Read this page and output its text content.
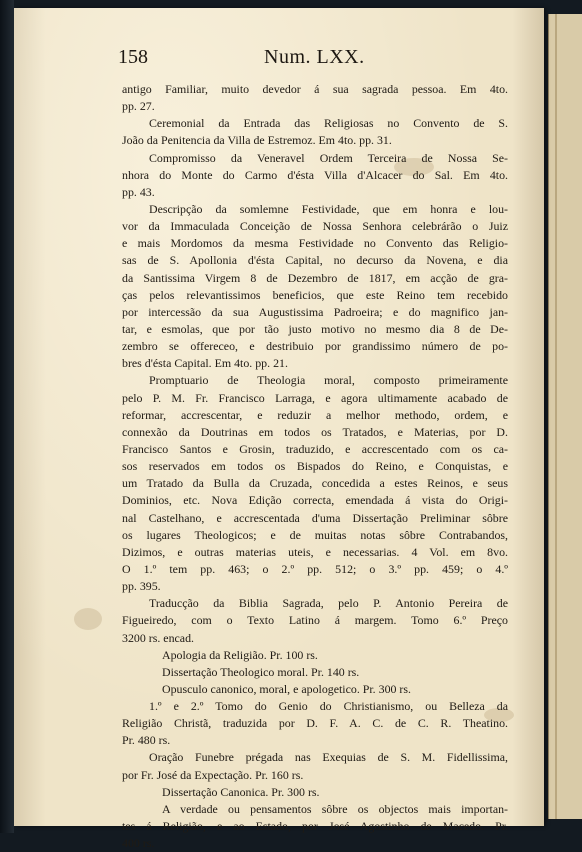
158	Num. LXX.
antigo Familiar, muito devedor á sua sagrada pessoa. Em 4to.
pp. 27.
Ceremonial da Entrada das Religiosas no Convento de S.
João da Penitencia da Villa de Estremoz. Em 4to. pp. 31.
Compromisso da Veneravel Ordem Terceira de Nossa Se-
nhora do Monte do Carmo d'ésta Villa d'Alcacer do Sal. Em 4to.
pp. 43.
Descripção da somlemne Festividade, que em honra e lou-
vor da Immaculada Conceição de Nossa Senhora celebrárão o Juiz
e mais Mordomos da mesma Festividade no Convento das Religio-
sas de S. Apollonia d'ésta Capital, no decurso da Novena, e dia
da Santissima Virgem 8 de Dezembro de 1817, em acção de gra-
ças pelos relevantissimos beneficios, que este Reino tem recebido
por intercessão da sua Augustissima Padroeira; e do magnifico jan-
tar, e esmolas, que por tão justo motivo no mesmo dia 8 de De-
zembro se offereceo, e destribuio por grandissimo número de po-
bres d'ésta Capital. Em 4to. pp. 21.
Promptuario de Theologia moral, composto primeiramente
pelo P. M. Fr. Francisco Larraga, e agora ultimamente acabado de
reformar, accrescentar, e reduzir a melhor methodo, ordem, e
connexão da Doutrinas em todos os Tratados, e Materias, por D.
Francisco Santos e Grosin, traduzido, e accrescentado com os ca-
sos reservados em todos os Bispados do Reino, e Conquistas, e
um Tratado da Bulla da Cruzada, concedida a estes Reinos, e seus
Dominios, etc. Nova Edição correcta, emendada á vista do Origi-
nal Castelhano, e accrescentada d'uma Dissertação Preliminar sôbre
os lugares Theologicos; e de muitas notas sôbre Contrabandos,
Dizimos, e outras materias uteis, e necessarias. 4 Vol. em 8vo.
O 1.º tem pp. 463; o 2.º pp. 512; o 3.º pp. 459; o 4.º
pp. 395.
Traducção da Biblia Sagrada, pelo P. Antonio Pereira de
Figueiredo, com o Texto Latino á margem. Tomo 6.º Preço
3200 rs. encad.
Apologia da Religião. Pr. 100 rs.
Dissertação Theologico moral. Pr. 140 rs.
Opusculo canonico, moral, e apologetico. Pr. 300 rs.
1.º e 2.º Tomo do Genio do Christianismo, ou Belleza da
Religião Christã, traduzida por D. F. A. C. de C. R. Theatino.
Pr. 480 rs.
Oração Funebre prégada nas Exequias de S. M. Fidellissima,
por Fr. José da Expectação. Pr. 160 rs.
Dissertação Canonica. Pr. 300 rs.
A verdade ou pensamentos sôbre os objectos mais importan-
tes á Religião, e ao Estado, por José Agostinho de Macedo. Pr.
400 rs.
